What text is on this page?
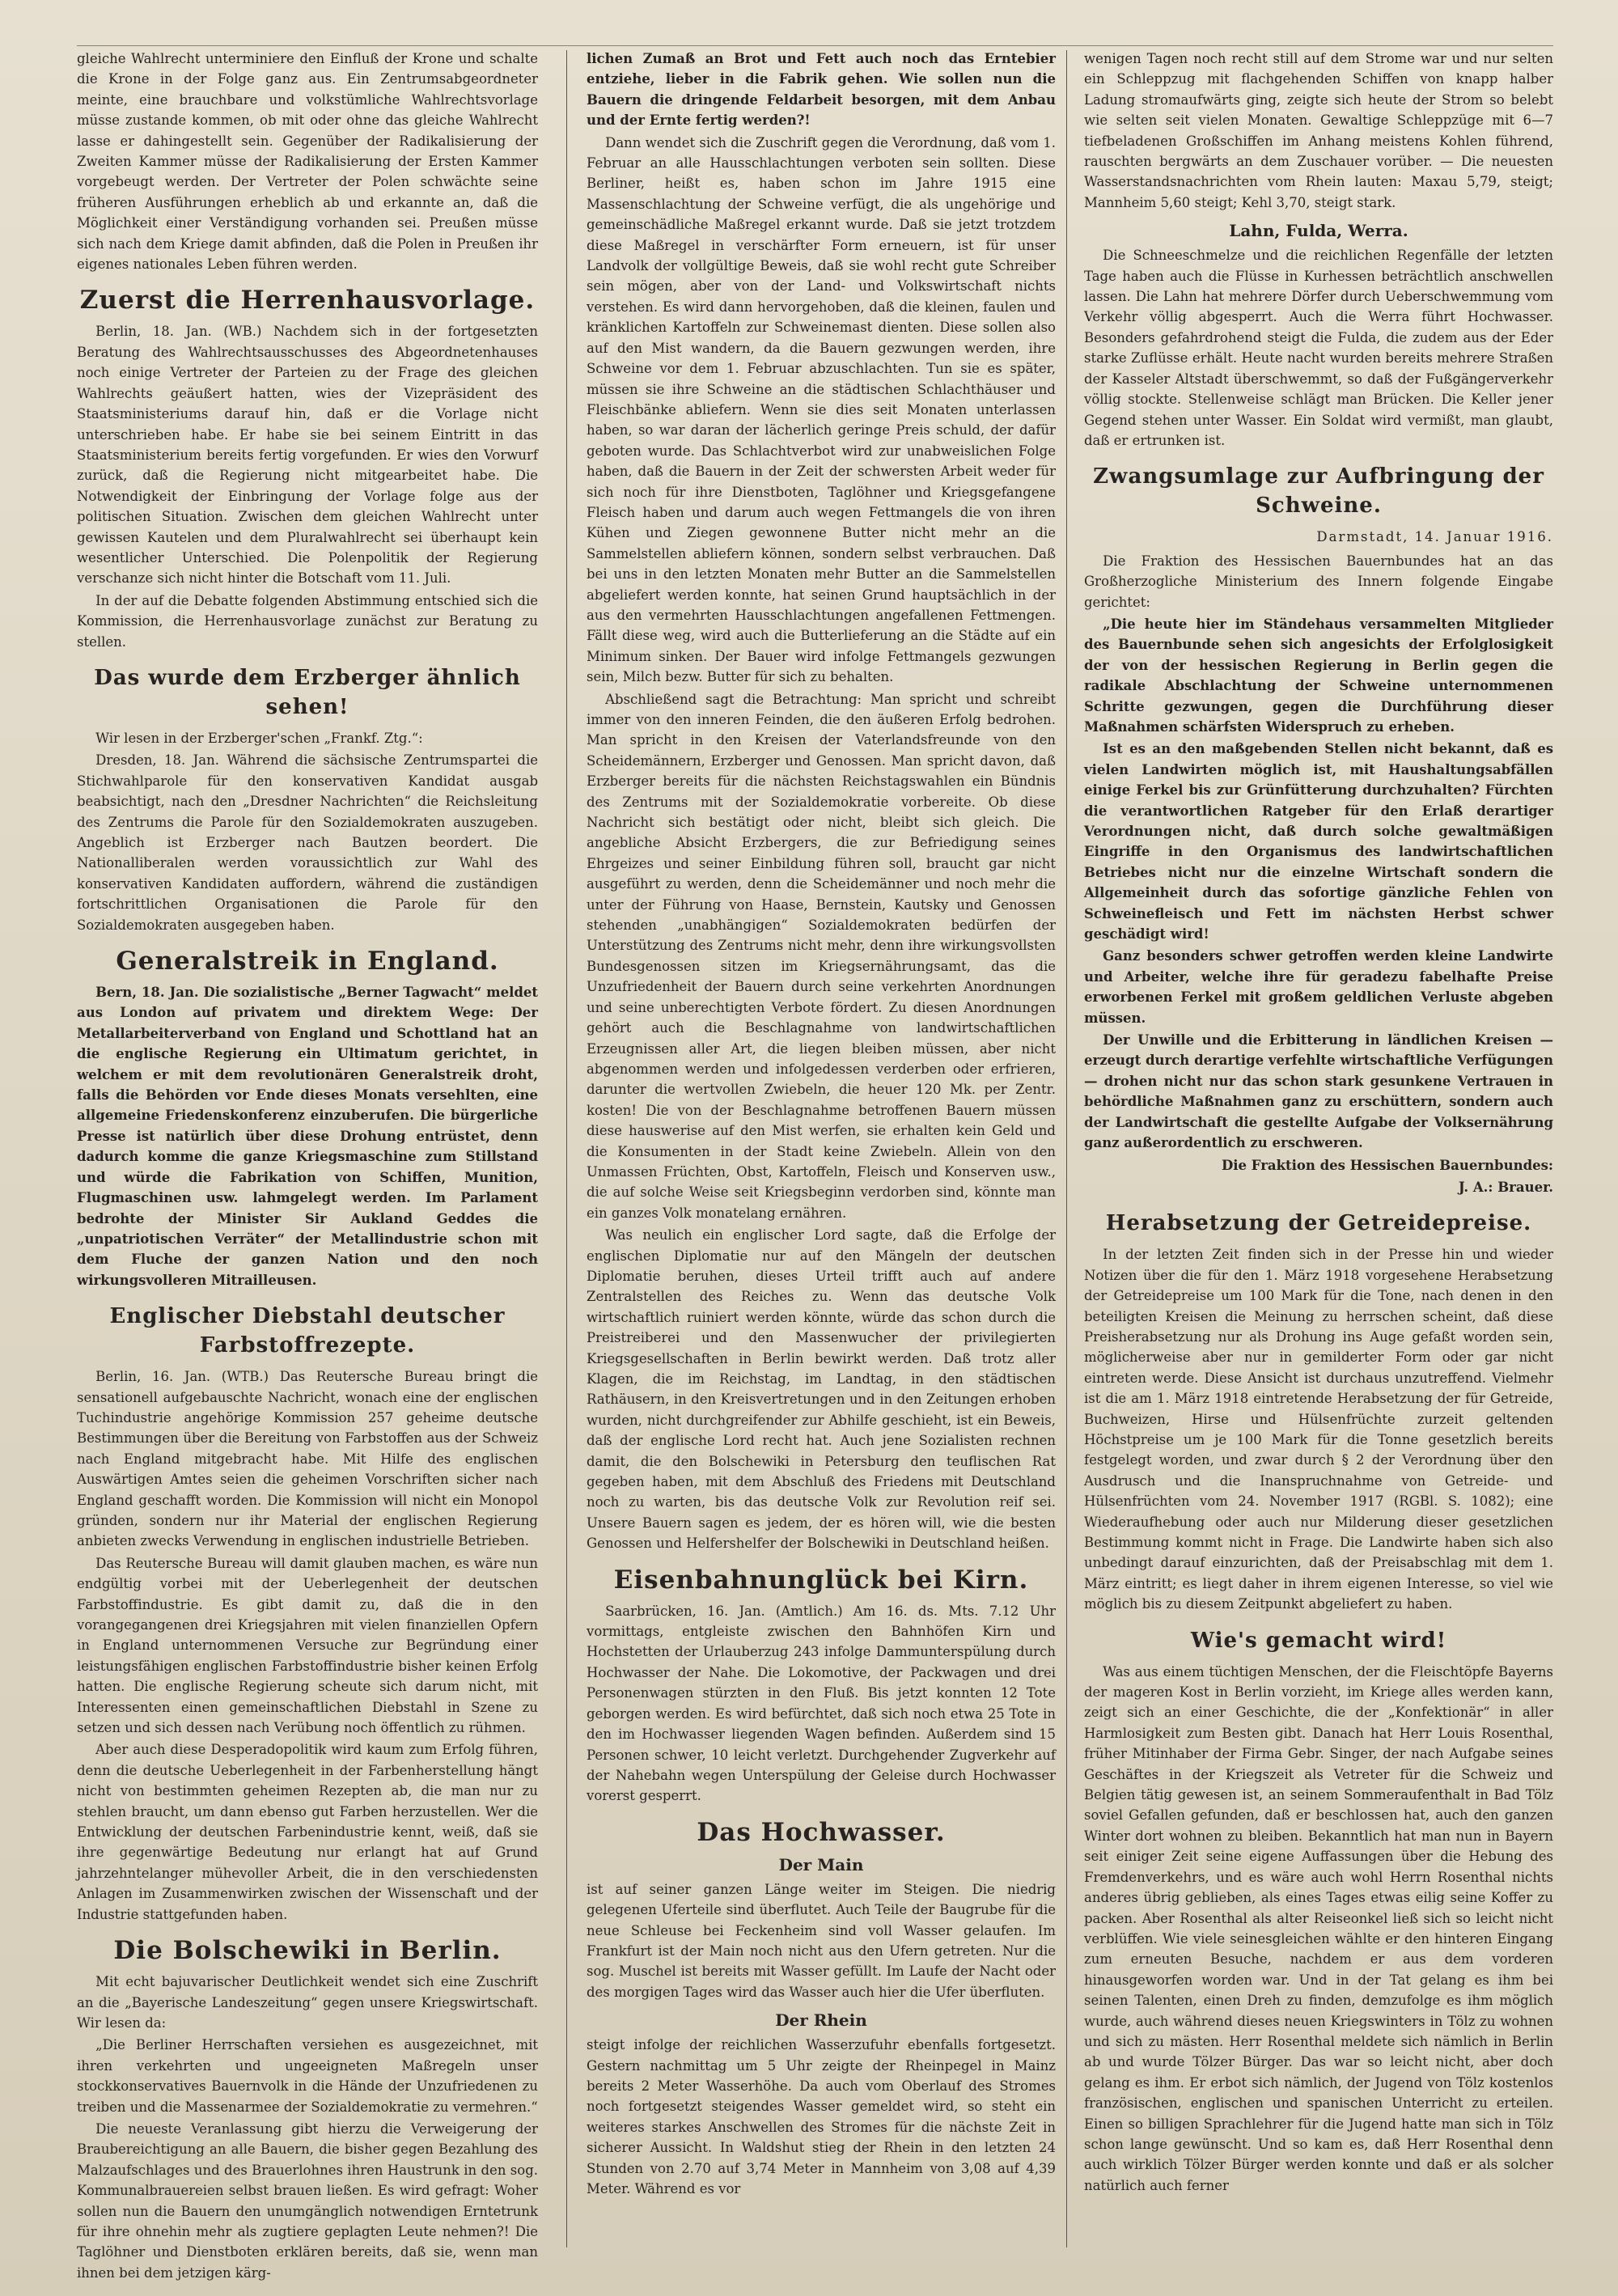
gleiche Wahlrecht unterminiere den Einfluß der Krone und schalte die Krone in der Folge ganz aus. Ein Zentrumsabgeordneter meinte, eine brauchbare und volkstümliche Wahlrechtsvorlage müsse zustande kommen, ob mit oder ohne das gleiche Wahlrecht lasse er dahingestellt sein. Gegenüber der Radikalisierung der Zweiten Kammer müsse der Radikalisierung der Ersten Kammer vorgebeugt werden. Der Vertreter der Polen schwächte seine früheren Ausführungen erheblich ab und erkannte an, daß die Möglichkeit einer Verständigung vorhanden sei. Preußen müsse sich nach dem Kriege damit abfinden, daß die Polen in Preußen ihr eigenes nationales Leben führen werden.

Zuerst die Herrenhausvorlage.

Berlin, 18. Jan. (WB.) Nachdem sich in der fortgesetzten Beratung des Wahlrechtsausschusses des Abgeordnetenhauses noch einige Vertreter der Parteien zu der Frage des gleichen Wahlrechts geäußert hatten, wies der Vizepräsident des Staatsministeriums darauf hin, daß er die Vorlage nicht unterschrieben habe. Er habe sie bei seinem Eintritt in das Staatsministerium bereits fertig vorgefunden. Er wies den Vorwurf zurück, daß die Regierung nicht mitgearbeitet habe. Die Notwendigkeit der Einbringung der Vorlage folge aus der politischen Situation. Zwischen dem gleichen Wahlrecht unter gewissen Kautelen und dem Pluralwahlrecht sei überhaupt kein wesentlicher Unterschied. Die Polenpolitik der Regierung verschanze sich nicht hinter die Botschaft vom 11. Juli.

In der auf die Debatte folgenden Abstimmung entschied sich die Kommission, die Herrenhausvorlage zunächst zur Beratung zu stellen.

Das wurde dem Erzberger ähnlich sehen!

Wir lesen in der Erzberger'schen „Frankf. Ztg.“:

Dresden, 18. Jan. Während die sächsische Zentrumspartei die Stichwahlparole für den konservativen Kandidat ausgab beabsichtigt, nach den „Dresdner Nachrichten“ die Reichsleitung des Zentrums die Parole für den Sozialdemokraten auszugeben. Angeblich ist Erzberger nach Bautzen beordert. Die Nationalliberalen werden voraussichtlich zur Wahl des konservativen Kandidaten auffordern, während die zuständigen fortschrittlichen Organisationen die Parole für den Sozialdemokraten ausgegeben haben.

Generalstreik in England.

Bern, 18. Jan. Die sozialistische „Berner Tagwacht“ meldet aus London auf privatem und direktem Wege: Der Metallarbeiterverband von England und Schottland hat an die englische Regierung ein Ultimatum gerichtet, in welchem er mit dem revolutionären Generalstreik droht, falls die Behörden vor Ende dieses Monats versehlten, eine allgemeine Friedenskonferenz einzuberufen. Die bürgerliche Presse ist natürlich über diese Drohung entrüstet, denn dadurch komme die ganze Kriegsmaschine zum Stillstand und würde die Fabrikation von Schiffen, Munition, Flugmaschinen usw. lahmgelegt werden. Im Parlament bedrohte der Minister Sir Aukland Geddes die „unpatriotischen Verräter“ der Metallindustrie schon mit dem Fluche der ganzen Nation und den noch wirkungsvolleren Mitrailleusen.

Englischer Diebstahl deutscher Farbstoffrezepte.

Berlin, 16. Jan. (WTB.) Das Reutersche Bureau bringt die sensationell aufgebauschte Nachricht, wonach eine der englischen Tuchindustrie angehörige Kommission 257 geheime deutsche Bestimmungen über die Bereitung von Farbstoffen aus der Schweiz nach England mitgebracht habe. Mit Hilfe des englischen Auswärtigen Amtes seien die geheimen Vorschriften sicher nach England geschafft worden. Die Kommission will nicht ein Monopol gründen, sondern nur ihr Material der englischen Regierung anbieten zwecks Verwendung in englischen industrielle Betrieben.

Das Reutersche Bureau will damit glauben machen, es wäre nun endgültig vorbei mit der Ueberlegenheit der deutschen Farbstoffindustrie. Es gibt damit zu, daß die in den vorangegangenen drei Kriegsjahren mit vielen finanziellen Opfern in England unternommenen Versuche zur Begründung einer leistungsfähigen englischen Farbstoffindustrie bisher keinen Erfolg hatten. Die englische Regierung scheute sich darum nicht, mit Interessenten einen gemeinschaftlichen Diebstahl in Szene zu setzen und sich dessen nach Verübung noch öffentlich zu rühmen.

Aber auch diese Desperadopolitik wird kaum zum Erfolg führen, denn die deutsche Ueberlegenheit in der Farbenherstellung hängt nicht von bestimmten geheimen Rezepten ab, die man nur zu stehlen braucht, um dann ebenso gut Farben herzustellen. Wer die Entwicklung der deutschen Farbenindustrie kennt, weiß, daß sie ihre gegenwärtige Bedeutung nur erlangt hat auf Grund jahrzehntelanger mühevoller Arbeit, die in den verschiedensten Anlagen im Zusammenwirken zwischen der Wissenschaft und der Industrie stattgefunden haben.

Die Bolschewiki in Berlin.

Mit echt bajuvarischer Deutlichkeit wendet sich eine Zuschrift an die „Bayerische Landeszeitung“ gegen unsere Kriegswirtschaft. Wir lesen da:

„Die Berliner Herrschaften versiehen es ausgezeichnet, mit ihren verkehrten und ungeeigneten Maßregeln unser stockkonservatives Bauernvolk in die Hände der Unzufriedenen zu treiben und die Massenarmee der Sozialdemokratie zu vermehren.“

Die neueste Veranlassung gibt hierzu die Verweigerung der Braubereichtigung an alle Bauern, die bisher gegen Bezahlung des Malzaufschlages und des Brauerlohnes ihren Haustrunk in den sog. Kommunalbrauereien selbst brauen ließen. Es wird gefragt: Woher sollen nun die Bauern den unumgänglich notwendigen Erntetrunk für ihre ohnehin mehr als zugtiere geplagten Leute nehmen?! Die Taglöhner und Dienstboten erklären bereits, daß sie, wenn man ihnen bei dem jetzigen kärg-

lichen Zumaß an Brot und Fett auch noch das Erntebier entziehe, lieber in die Fabrik gehen. Wie sollen nun die Bauern die dringende Feldarbeit besorgen, mit dem Anbau und der Ernte fertig werden?!

Dann wendet sich die Zuschrift gegen die Verordnung, daß vom 1. Februar an alle Hausschlachtungen verboten sein sollten. Diese Berliner, heißt es, haben schon im Jahre 1915 eine Massenschlachtung der Schweine verfügt, die als ungehörige und gemeinschädliche Maßregel erkannt wurde. Daß sie jetzt trotzdem diese Maßregel in verschärfter Form erneuern, ist für unser Landvolk der vollgültige Beweis, daß sie wohl recht gute Schreiber sein mögen, aber von der Land- und Volkswirtschaft nichts verstehen. Es wird dann hervorgehoben, daß die kleinen, faulen und kränklichen Kartoffeln zur Schweinemast dienten. Diese sollen also auf den Mist wandern, da die Bauern gezwungen werden, ihre Schweine vor dem 1. Februar abzuschlachten. Tun sie es später, müssen sie ihre Schweine an die städtischen Schlachthäuser und Fleischbänke abliefern. Wenn sie dies seit Monaten unterlassen haben, so war daran der lächerlich geringe Preis schuld, der dafür geboten wurde. Das Schlachtverbot wird zur unabweislichen Folge haben, daß die Bauern in der Zeit der schwersten Arbeit weder für sich noch für ihre Dienstboten, Taglöhner und Kriegsgefangene Fleisch haben und darum auch wegen Fettmangels die von ihren Kühen und Ziegen gewonnene Butter nicht mehr an die Sammelstellen abliefern können, sondern selbst verbrauchen. Daß bei uns in den letzten Monaten mehr Butter an die Sammelstellen abgeliefert werden konnte, hat seinen Grund hauptsächlich in der aus den vermehrten Hausschlachtungen angefallenen Fettmengen. Fällt diese weg, wird auch die Butterlieferung an die Städte auf ein Minimum sinken. Der Bauer wird infolge Fettmangels gezwungen sein, Milch bezw. Butter für sich zu behalten.

Abschließend sagt die Betrachtung: Man spricht und schreibt immer von den inneren Feinden, die den äußeren Erfolg bedrohen. Man spricht in den Kreisen der Vaterlandsfreunde von den Scheidemännern, Erzberger und Genossen. Man spricht davon, daß Erzberger bereits für die nächsten Reichstagswahlen ein Bündnis des Zentrums mit der Sozialdemokratie vorbereite. Ob diese Nachricht sich bestätigt oder nicht, bleibt sich gleich. Die angebliche Absicht Erzbergers, die zur Befriedigung seines Ehrgeizes und seiner Einbildung führen soll, braucht gar nicht ausgeführt zu werden, denn die Scheidemänner und noch mehr die unter der Führung von Haase, Bernstein, Kautsky und Genossen stehenden „unabhängigen“ Sozialdemokraten bedürfen der Unterstützung des Zentrums nicht mehr, denn ihre wirkungsvollsten Bundesgenossen sitzen im Kriegsernährungsamt, das die Unzufriedenheit der Bauern durch seine verkehrten Anordnungen und seine unberechtigten Verbote fördert. Zu diesen Anordnungen gehört auch die Beschlagnahme von landwirtschaftlichen Erzeugnissen aller Art, die liegen bleiben müssen, aber nicht abgenommen werden und infolgedessen verderben oder erfrieren, darunter die wertvollen Zwiebeln, die heuer 120 Mk. per Zentr. kosten! Die von der Beschlagnahme betroffenen Bauern müssen diese hauswerise auf den Mist werfen, sie erhalten kein Geld und die Konsumenten in der Stadt keine Zwiebeln. Allein von den Unmassen Früchten, Obst, Kartoffeln, Fleisch und Konserven usw., die auf solche Weise seit Kriegsbeginn verdorben sind, könnte man ein ganzes Volk monatelang ernähren.

Was neulich ein englischer Lord sagte, daß die Erfolge der englischen Diplomatie nur auf den Mängeln der deutschen Diplomatie beruhen, dieses Urteil trifft auch auf andere Zentralstellen des Reiches zu. Wenn das deutsche Volk wirtschaftlich ruiniert werden könnte, würde das schon durch die Preistreiberei und den Massenwucher der privilegierten Kriegsgesellschaften in Berlin bewirkt werden. Daß trotz aller Klagen, die im Reichstag, im Landtag, in den städtischen Rathäusern, in den Kreisvertretungen und in den Zeitungen erhoben wurden, nicht durchgreifender zur Abhilfe geschieht, ist ein Beweis, daß der englische Lord recht hat. Auch jene Sozialisten rechnen damit, die den Bolschewiki in Petersburg den teuflischen Rat gegeben haben, mit dem Abschluß des Friedens mit Deutschland noch zu warten, bis das deutsche Volk zur Revolution reif sei. Unsere Bauern sagen es jedem, der es hören will, wie die besten Genossen und Helfershelfer der Bolschewiki in Deutschland heißen.

Eisenbahnunglück bei Kirn.

Saarbrücken, 16. Jan. (Amtlich.) Am 16. ds. Mts. 7.12 Uhr vormittags, entgleiste zwischen den Bahnhöfen Kirn und Hochstetten der Urlauberzug 243 infolge Dammunterspülung durch Hochwasser der Nahe. Die Lokomotive, der Packwagen und drei Personenwagen stürzten in den Fluß. Bis jetzt konnten 12 Tote geborgen werden. Es wird befürchtet, daß sich noch etwa 25 Tote in den im Hochwasser liegenden Wagen befinden. Außerdem sind 15 Personen schwer, 10 leicht verletzt. Durchgehender Zugverkehr auf der Nahebahn wegen Unterspülung der Geleise durch Hochwasser vorerst gesperrt.

Das Hochwasser.
Der Main

ist auf seiner ganzen Länge weiter im Steigen. Die niedrig gelegenen Uferteile sind überflutet. Auch Teile der Baugrube für die neue Schleuse bei Feckenheim sind voll Wasser gelaufen. Im Frankfurt ist der Main noch nicht aus den Ufern getreten. Nur die sog. Muschel ist bereits mit Wasser gefüllt. Im Laufe der Nacht oder des morgigen Tages wird das Wasser auch hier die Ufer überfluten.

Der Rhein

steigt infolge der reichlichen Wasserzufuhr ebenfalls fortgesetzt. Gestern nachmittag um 5 Uhr zeigte der Rheinpegel in Mainz bereits 2 Meter Wasserhöhe. Da auch vom Oberlauf des Stromes noch fortgesetzt steigendes Wasser gemeldet wird, so steht ein weiteres starkes Anschwellen des Stromes für die nächste Zeit in sicherer Aussicht. In Waldshut stieg der Rhein in den letzten 24 Stunden von 2.70 auf 3,74 Meter in Mannheim von 3,08 auf 4,39 Meter. Während es vor

wenigen Tagen noch recht still auf dem Strome war und nur selten ein Schleppzug mit flachgehenden Schiffen von knapp halber Ladung stromaufwärts ging, zeigte sich heute der Strom so belebt wie selten seit vielen Monaten. Gewaltige Schleppzüge mit 6—7 tiefbeladenen Großschiffen im Anhang meistens Kohlen führend, rauschten bergwärts an dem Zuschauer vorüber. — Die neuesten Wasserstandsnachrichten vom Rhein lauten: Maxau 5,79, steigt; Mannheim 5,60 steigt; Kehl 3,70, steigt stark.

Lahn, Fulda, Werra.

Die Schneeschmelze und die reichlichen Regenfälle der letzten Tage haben auch die Flüsse in Kurhessen beträchtlich anschwellen lassen. Die Lahn hat mehrere Dörfer durch Ueberschwemmung vom Verkehr völlig abgesperrt. Auch die Werra führt Hochwasser. Besonders gefahrdrohend steigt die Fulda, die zudem aus der Eder starke Zuflüsse erhält. Heute nacht wurden bereits mehrere Straßen der Kasseler Altstadt überschwemmt, so daß der Fußgängerverkehr völlig stockte. Stellenweise schlägt man Brücken. Die Keller jener Gegend stehen unter Wasser. Ein Soldat wird vermißt, man glaubt, daß er ertrunken ist.

Zwangsumlage zur Aufbringung der Schweine.

Darmstadt, 14. Januar 1916.

Die Fraktion des Hessischen Bauernbundes hat an das Großherzogliche Ministerium des Innern folgende Eingabe gerichtet:

„Die heute hier im Ständehaus versammelten Mitglieder des Bauernbunde sehen sich angesichts der Erfolglosigkeit der von der hessischen Regierung in Berlin gegen die radikale Abschlachtung der Schweine unternommenen Schritte gezwungen, gegen die Durchführung dieser Maßnahmen schärfsten Widerspruch zu erheben.

Ist es an den maßgebenden Stellen nicht bekannt, daß es vielen Landwirten möglich ist, mit Haushaltungsabfällen einige Ferkel bis zur Grünfütterung durchzuhalten? Fürchten die verantwortlichen Ratgeber für den Erlaß derartiger Verordnungen nicht, daß durch solche gewaltmäßigen Eingriffe in den Organismus des landwirtschaftlichen Betriebes nicht nur die einzelne Wirtschaft sondern die Allgemeinheit durch das sofortige gänzliche Fehlen von Schweinefleisch und Fett im nächsten Herbst schwer geschädigt wird!

Ganz besonders schwer getroffen werden kleine Landwirte und Arbeiter, welche ihre für geradezu fabelhafte Preise erworbenen Ferkel mit großem geldlichen Verluste abgeben müssen.

Der Unwille und die Erbitterung in ländlichen Kreisen — erzeugt durch derartige verfehlte wirtschaftliche Verfügungen — drohen nicht nur das schon stark gesunkene Vertrauen in behördliche Maßnahmen ganz zu erschüttern, sondern auch der Landwirtschaft die gestellte Aufgabe der Volksernährung ganz außerordentlich zu erschweren.

Die Fraktion des Hessischen Bauernbundes:

J. A.: Brauer.

Herabsetzung der Getreidepreise.

In der letzten Zeit finden sich in der Presse hin und wieder Notizen über die für den 1. März 1918 vorgesehene Herabsetzung der Getreidepreise um 100 Mark für die Tone, nach denen in den beteiligten Kreisen die Meinung zu herrschen scheint, daß diese Preisherabsetzung nur als Drohung ins Auge gefaßt worden sein, möglicherweise aber nur in gemilderter Form oder gar nicht eintreten werde. Diese Ansicht ist durchaus unzutreffend. Vielmehr ist die am 1. März 1918 eintretende Herabsetzung der für Getreide, Buchweizen, Hirse und Hülsenfrüchte zurzeit geltenden Höchstpreise um je 100 Mark für die Tonne gesetzlich bereits festgelegt worden, und zwar durch § 2 der Verordnung über den Ausdrusch und die Inanspruchnahme von Getreide- und Hülsenfrüchten vom 24. November 1917 (RGBl. S. 1082); eine Wiederaufhebung oder auch nur Milderung dieser gesetzlichen Bestimmung kommt nicht in Frage. Die Landwirte haben sich also unbedingt darauf einzurichten, daß der Preisabschlag mit dem 1. März eintritt; es liegt daher in ihrem eigenen Interesse, so viel wie möglich bis zu diesem Zeitpunkt abgeliefert zu haben.

Wie's gemacht wird!

Was aus einem tüchtigen Menschen, der die Fleischtöpfe Bayerns der mageren Kost in Berlin vorzieht, im Kriege alles werden kann, zeigt sich an einer Geschichte, die der „Konfektionär“ in aller Harmlosigkeit zum Besten gibt. Danach hat Herr Louis Rosenthal, früher Mitinhaber der Firma Gebr. Singer, der nach Aufgabe seines Geschäftes in der Kriegszeit als Vetreter für die Schweiz und Belgien tätig gewesen ist, an seinem Sommeraufenthalt in Bad Tölz soviel Gefallen gefunden, daß er beschlossen hat, auch den ganzen Winter dort wohnen zu bleiben. Bekanntlich hat man nun in Bayern seit einiger Zeit seine eigene Auffassungen über die Hebung des Fremdenverkehrs, und es wäre auch wohl Herrn Rosenthal nichts anderes übrig geblieben, als eines Tages etwas eilig seine Koffer zu packen. Aber Rosenthal als alter Reiseonkel ließ sich so leicht nicht verblüffen. Wie viele seinesgleichen wählte er den hinteren Eingang zum erneuten Besuche, nachdem er aus dem vorderen hinausgeworfen worden war. Und in der Tat gelang es ihm bei seinen Talenten, einen Dreh zu finden, demzufolge es ihm möglich wurde, auch während dieses neuen Kriegswinters in Tölz zu wohnen und sich zu mästen. Herr Rosenthal meldete sich nämlich in Berlin ab und wurde Tölzer Bürger. Das war so leicht nicht, aber doch gelang es ihm. Er erbot sich nämlich, der Jugend von Tölz kostenlos französischen, englischen und spanischen Unterricht zu erteilen. Einen so billigen Sprachlehrer für die Jugend hatte man sich in Tölz schon lange gewünscht. Und so kam es, daß Herr Rosenthal denn auch wirklich Tölzer Bürger werden konnte und daß er als solcher natürlich auch ferner
